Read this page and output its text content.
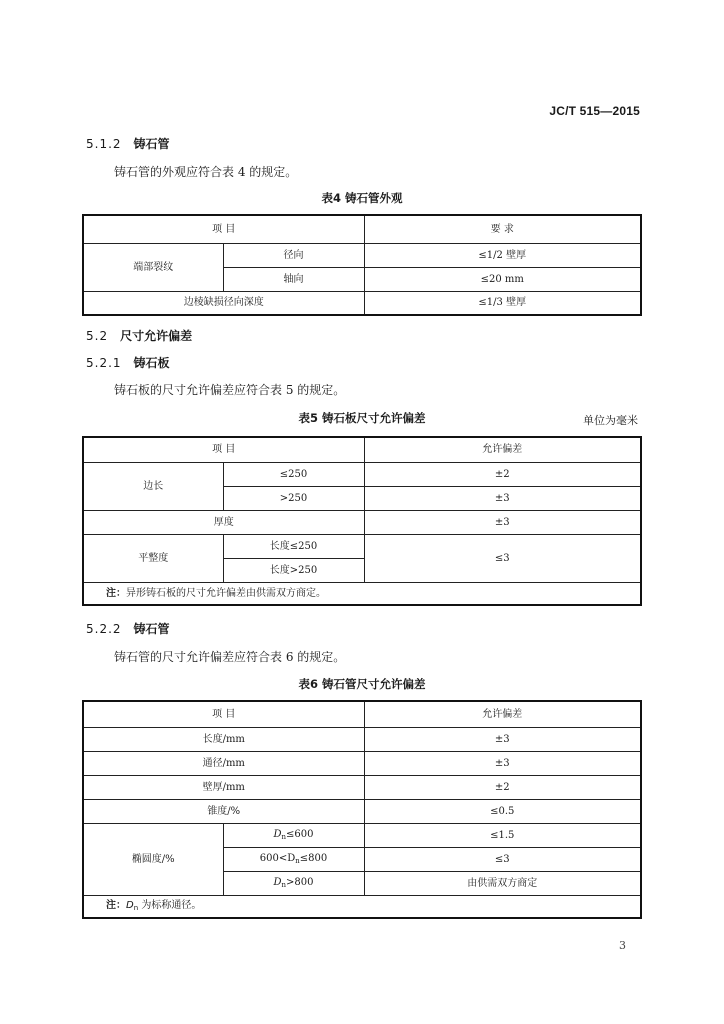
JC/T 515—2015
5.1.2 铸石管
铸石管的外观应符合表 4 的规定。
表4 铸石管外观
项 目		要 求
端部裂纹	径向	≤1/2 壁厚
	轴向	≤20 mm
边棱缺损径向深度		≤1/3 壁厚
5.2 尺寸允许偏差
5.2.1 铸石板
铸石板的尺寸允许偏差应符合表 5 的规定。
表5 铸石板尺寸允许偏差	单位为毫米
项 目		允许偏差
边长	≤250	±2
	>250	±3
厚度		±3
平整度	长度≤250	≤3
	长度>250	
注：异形铸石板的尺寸允许偏差由供需双方商定。		
5.2.2 铸石管
铸石管的尺寸允许偏差应符合表 6 的规定。
表6 铸石管尺寸允许偏差
项 目		允许偏差
长度/mm		±3
通径/mm		±3
壁厚/mm		±2
锥度/%		≤0.5
椭圆度/%	$D_n\le 600$	≤1.5
	$600<D_n\le 800$	≤3
	$D_n>800$	由供需双方商定
注：$D_n$ 为标称通径。		
3
